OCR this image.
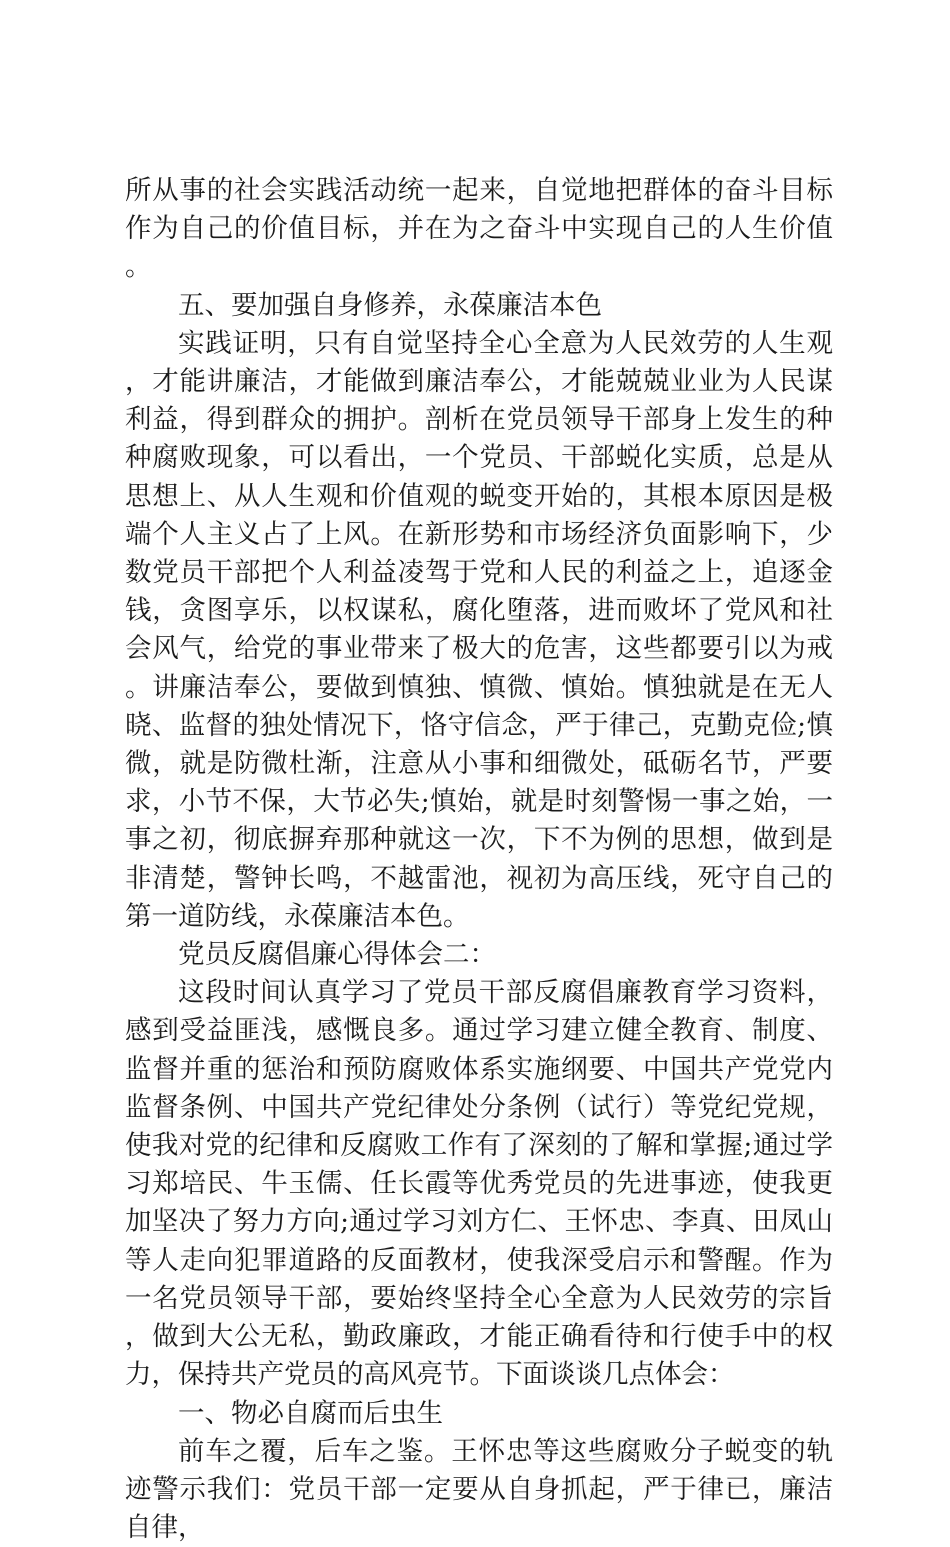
所从事的社会实践活动统一起来，自觉地把群体的奋斗目标作为自己的价值目标，并在为之奋斗中实现自己的人生价值。

五、要加强自身修养，永葆廉洁本色

实践证明，只有自觉坚持全心全意为人民效劳的人生观，才能讲廉洁，才能做到廉洁奉公，才能兢兢业业为人民谋利益，得到群众的拥护。剖析在党员领导干部身上发生的种种腐败现象，可以看出，一个党员、干部蜕化实质，总是从思想上、从人生观和价值观的蜕变开始的，其根本原因是极端个人主义占了上风。在新形势和市场经济负面影响下，少数党员干部把个人利益凌驾于党和人民的利益之上，追逐金钱，贪图享乐，以权谋私，腐化堕落，进而败坏了党风和社会风气，给党的事业带来了极大的危害，这些都要引以为戒。讲廉洁奉公，要做到慎独、慎微、慎始。慎独就是在无人晓、监督的独处情况下，恪守信念，严于律己，克勤克俭;慎微，就是防微杜渐，注意从小事和细微处，砥砺名节，严要求，小节不保，大节必失;慎始，就是时刻警惕一事之始，一事之初，彻底摒弃那种就这一次，下不为例的思想，做到是非清楚，警钟长鸣，不越雷池，视初为高压线，死守自己的第一道防线，永葆廉洁本色。

党员反腐倡廉心得体会二：

这段时间认真学习了党员干部反腐倡廉教育学习资料，感到受益匪浅，感慨良多。通过学习建立健全教育、制度、监督并重的惩治和预防腐败体系实施纲要、中国共产党党内监督条例、中国共产党纪律处分条例（试行）等党纪党规，使我对党的纪律和反腐败工作有了深刻的了解和掌握;通过学习郑培民、牛玉儒、任长霞等优秀党员的先进事迹，使我更加坚决了努力方向;通过学习刘方仁、王怀忠、李真、田凤山等人走向犯罪道路的反面教材，使我深受启示和警醒。作为一名党员领导干部，要始终坚持全心全意为人民效劳的宗旨，做到大公无私，勤政廉政，才能正确看待和行使手中的权力，保持共产党员的高风亮节。下面谈谈几点体会：

一、物必自腐而后虫生

前车之覆，后车之鉴。王怀忠等这些腐败分子蜕变的轨迹警示我们：党员干部一定要从自身抓起，严于律已，廉洁自律，
